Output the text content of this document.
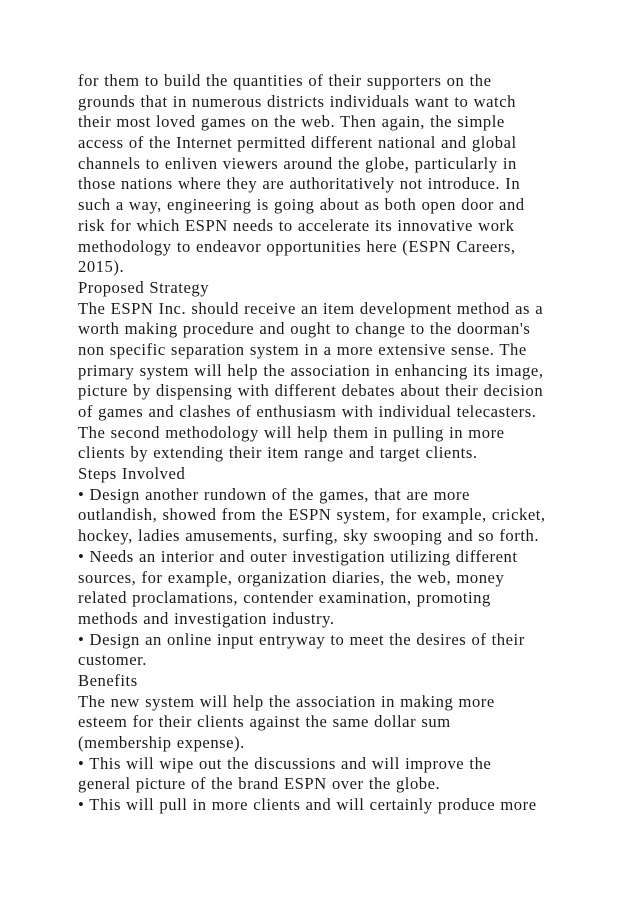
for them to build the quantities of their supporters on the
grounds that in numerous districts individuals want to watch
their most loved games on the web. Then again, the simple
access of the Internet permitted different national and global
channels to enliven viewers around the globe, particularly in
those nations where they are authoritatively not introduce. In
such a way, engineering is going about as both open door and
risk for which ESPN needs to accelerate its innovative work
methodology to endeavor opportunities here (ESPN Careers,
2015).
Proposed Strategy
The ESPN Inc. should receive an item development method as a
worth making procedure and ought to change to the doorman's
non specific separation system in a more extensive sense. The
primary system will help the association in enhancing its image,
picture by dispensing with different debates about their decision
of games and clashes of enthusiasm with individual telecasters.
The second methodology will help them in pulling in more
clients by extending their item range and target clients.
Steps Involved
• Design another rundown of the games, that are more
outlandish, showed from the ESPN system, for example, cricket,
hockey, ladies amusements, surfing, sky swooping and so forth.
• Needs an interior and outer investigation utilizing different
sources, for example, organization diaries, the web, money
related proclamations, contender examination, promoting
methods and investigation industry.
• Design an online input entryway to meet the desires of their
customer.
Benefits
The new system will help the association in making more
esteem for their clients against the same dollar sum
(membership expense).
• This will wipe out the discussions and will improve the
general picture of the brand ESPN over the globe.
• This will pull in more clients and will certainly produce more
